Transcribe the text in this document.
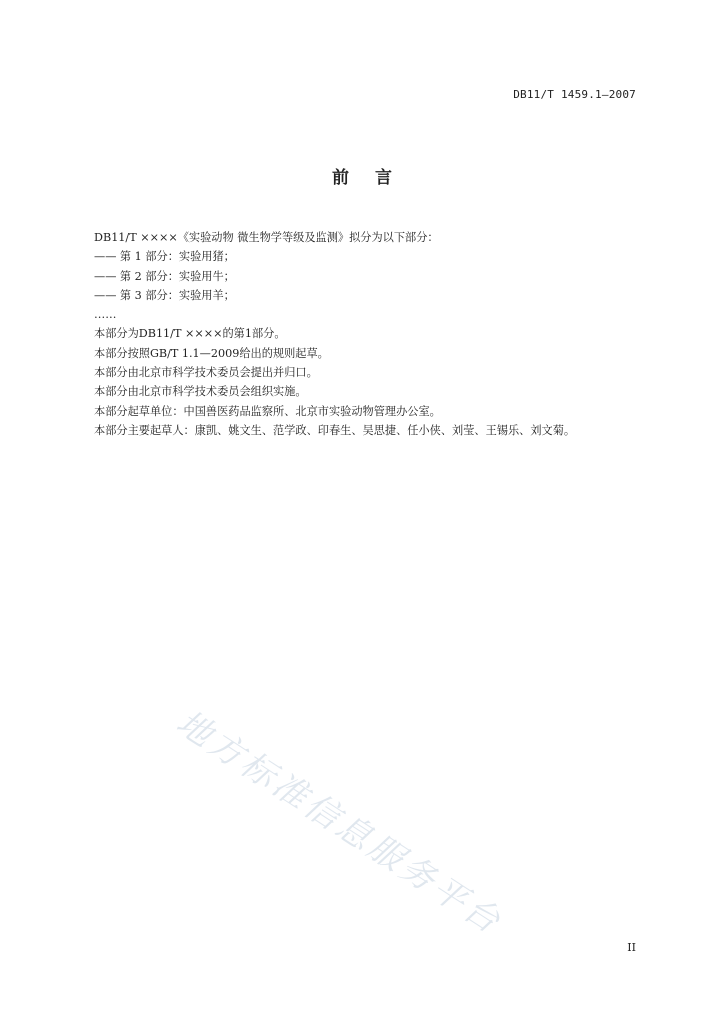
DB11/T 1459.1—2007
前 言
DB11/T ××××《实验动物 微生物学等级及监测》拟分为以下部分：
—— 第 1 部分：实验用猪；
—— 第 2 部分：实验用牛；
—— 第 3 部分：实验用羊；
……
本部分为DB11/T ××××的第1部分。
本部分按照GB/T 1.1—2009给出的规则起草。
本部分由北京市科学技术委员会提出并归口。
本部分由北京市科学技术委员会组织实施。
本部分起草单位：中国兽医药品监察所、北京市实验动物管理办公室。
本部分主要起草人：康凯、姚文生、范学政、印春生、吴思捷、任小侠、刘莹、王锡乐、刘文菊。
地方标准信息服务平台
II
